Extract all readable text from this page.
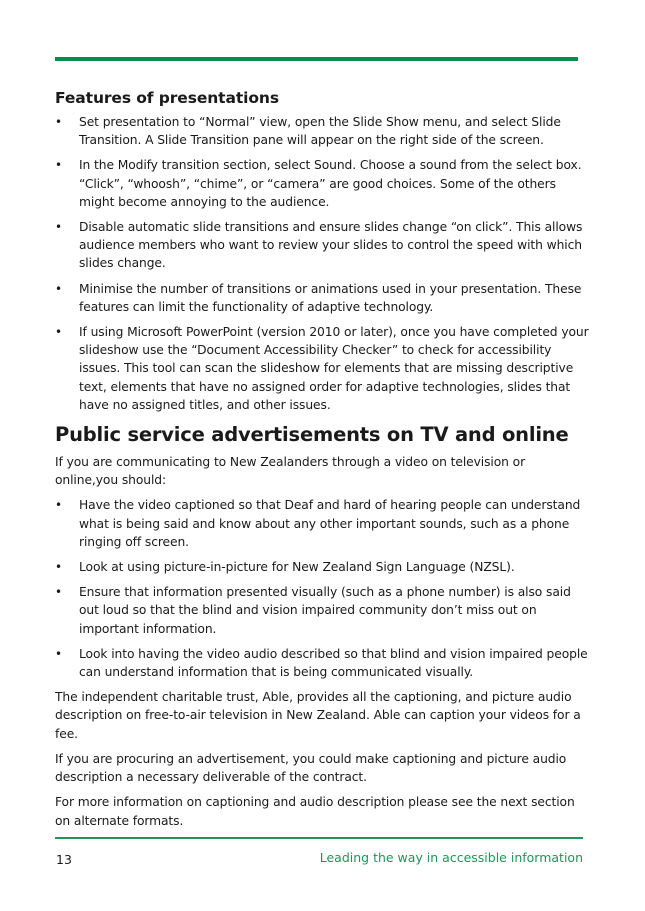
Features of presentations
• Set presentation to “Normal” view, open the Slide Show menu, and select Slide Transition. A Slide Transition pane will appear on the right side of the screen.
• In the Modify transition section, select Sound. Choose a sound from the select box. “Click”, “whoosh”, “chime”, or “camera” are good choices. Some of the others might become annoying to the audience.
• Disable automatic slide transitions and ensure slides change “on click”. This allows audience members who want to review your slides to control the speed with which slides change.
• Minimise the number of transitions or animations used in your presentation. These features can limit the functionality of adaptive technology.
• If using Microsoft PowerPoint (version 2010 or later), once you have completed your slideshow use the “Document Accessibility Checker” to check for accessibility issues. This tool can scan the slideshow for elements that are missing descriptive text, elements that have no assigned order for adaptive technologies, slides that have no assigned titles, and other issues.
Public service advertisements on TV and online

If you are communicating to New Zealanders through a video on television or online,you should:

• Have the video captioned so that Deaf and hard of hearing people can understand what is being said and know about any other important sounds, such as a phone ringing off screen.
• Look at using picture-in-picture for New Zealand Sign Language (NZSL).
• Ensure that information presented visually (such as a phone number) is also said out loud so that the blind and vision impaired community don’t miss out on important information.
• Look into having the video audio described so that blind and vision impaired people can understand information that is being communicated visually.

The independent charitable trust, Able, provides all the captioning, and picture audio description on free-to-air television in New Zealand. Able can caption your videos for a fee.

If you are procuring an advertisement, you could make captioning and picture audio description a necessary deliverable of the contract.

For more information on captioning and audio description please see the next section on alternate formats.

13	Leading the way in accessible information
